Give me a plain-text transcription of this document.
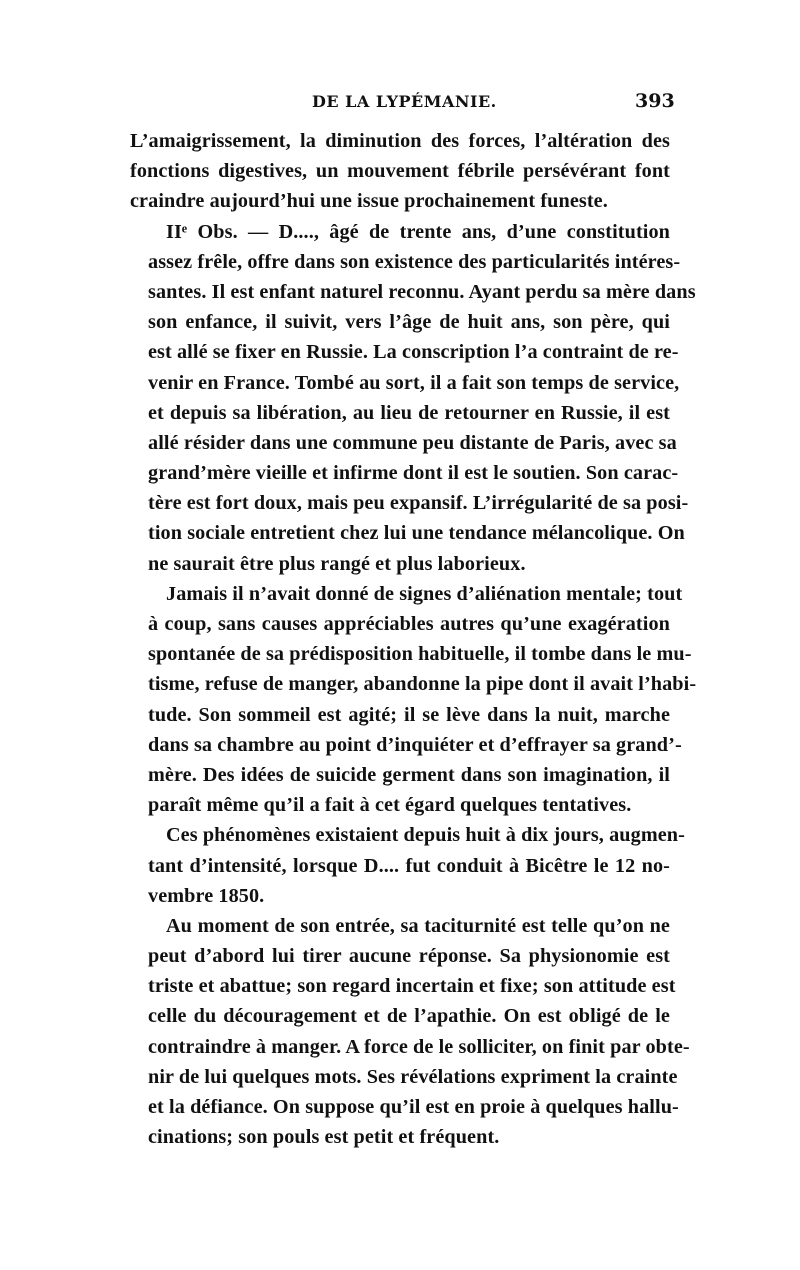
DE LA LYPÉMANIE.	393

L’amaigrissement, la diminution des forces, l’altération des
fonctions digestives, un mouvement fébrile persévérant font
craindre aujourd’hui une issue prochainement funeste.

IIᵉ Obs. — D...., âgé de trente ans, d’une constitution
assez frêle, offre dans son existence des particularités intéres-
santes. Il est enfant naturel reconnu. Ayant perdu sa mère dans
son enfance, il suivit, vers l’âge de huit ans, son père, qui
est allé se fixer en Russie. La conscription l’a contraint de re-
venir en France. Tombé au sort, il a fait son temps de service,
et depuis sa libération, au lieu de retourner en Russie, il est
allé résider dans une commune peu distante de Paris, avec sa
grand’mère vieille et infirme dont il est le soutien. Son carac-
tère est fort doux, mais peu expansif. L’irrégularité de sa posi-
tion sociale entretient chez lui une tendance mélancolique. On
ne saurait être plus rangé et plus laborieux.

Jamais il n’avait donné de signes d’aliénation mentale; tout
à coup, sans causes appréciables autres qu’une exagération
spontanée de sa prédisposition habituelle, il tombe dans le mu-
tisme, refuse de manger, abandonne la pipe dont il avait l’habi-
tude. Son sommeil est agité; il se lève dans la nuit, marche
dans sa chambre au point d’inquiéter et d’effrayer sa grand’-
mère. Des idées de suicide germent dans son imagination, il
paraît même qu’il a fait à cet égard quelques tentatives.

Ces phénomènes existaient depuis huit à dix jours, augmen-
tant d’intensité, lorsque D.... fut conduit à Bicêtre le 12 no-
vembre 1850.

Au moment de son entrée, sa taciturnité est telle qu’on ne
peut d’abord lui tirer aucune réponse. Sa physionomie est
triste et abattue; son regard incertain et fixe; son attitude est
celle du découragement et de l’apathie. On est obligé de le
contraindre à manger. A force de le solliciter, on finit par obte-
nir de lui quelques mots. Ses révélations expriment la crainte
et la défiance. On suppose qu’il est en proie à quelques hallu-
cinations; son pouls est petit et fréquent.
